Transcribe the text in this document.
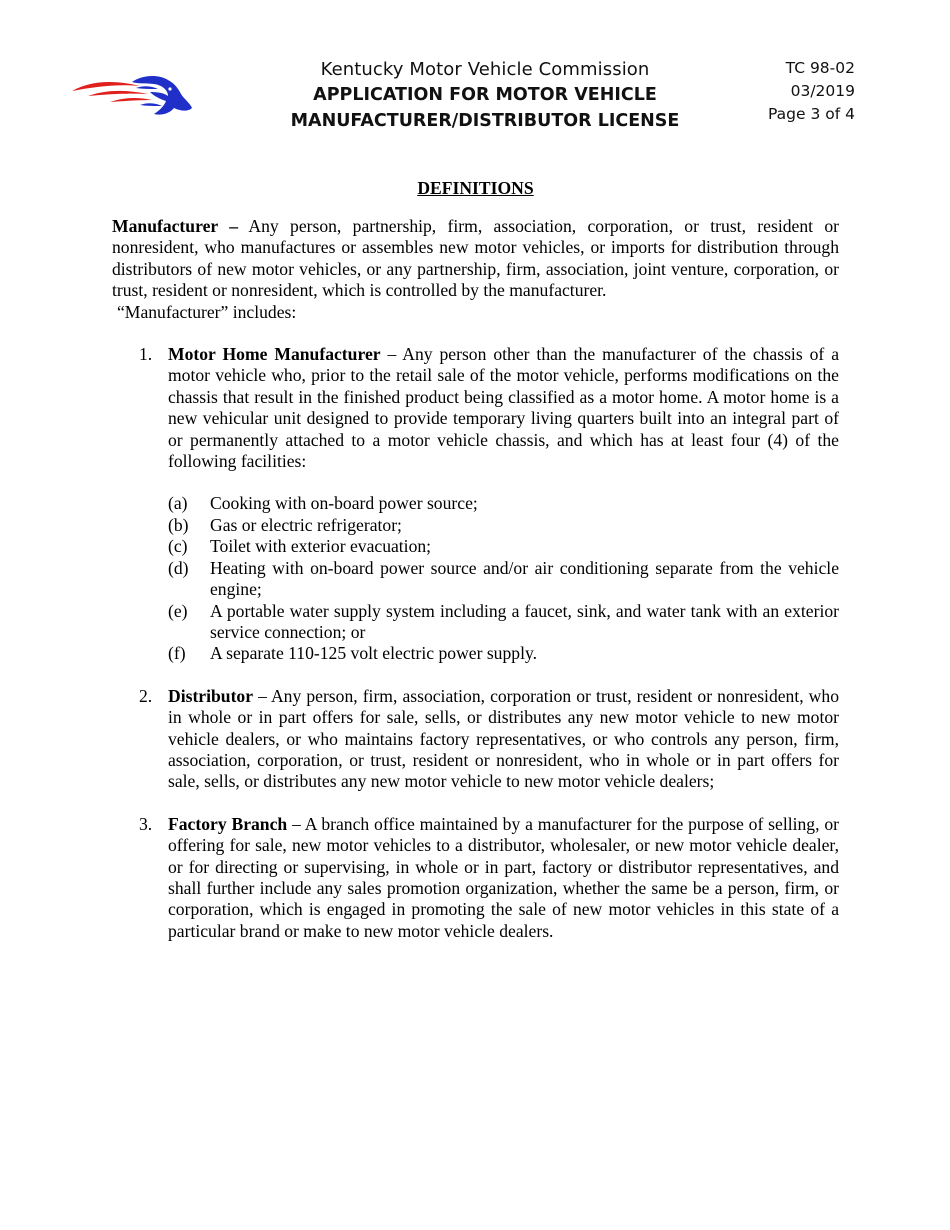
Kentucky Motor Vehicle Commission
APPLICATION FOR MOTOR VEHICLE
MANUFACTURER/DISTRIBUTOR LICENSE
TC 98-02
03/2019
Page 3 of 4
DEFINITIONS

Manufacturer – Any person, partnership, firm, association, corporation, or trust, resident or nonresident, who manufactures or assembles new motor vehicles, or imports for distribution through distributors of new motor vehicles, or any partnership, firm, association, joint venture, corporation, or trust, resident or nonresident, which is controlled by the manufacturer.

“Manufacturer” includes:

1. Motor Home Manufacturer – Any person other than the manufacturer of the chassis of a motor vehicle who, prior to the retail sale of the motor vehicle, performs modifications on the chassis that result in the finished product being classified as a motor home. A motor home is a new vehicular unit designed to provide temporary living quarters built into an integral part of or permanently attached to a motor vehicle chassis, and which has at least four (4) of the following facilities:

(a) Cooking with on-board power source;
(b) Gas or electric refrigerator;
(c) Toilet with exterior evacuation;
(d) Heating with on-board power source and/or air conditioning separate from the vehicle engine;
(e) A portable water supply system including a faucet, sink, and water tank with an exterior service connection; or
(f) A separate 110-125 volt electric power supply.
2. Distributor – Any person, firm, association, corporation or trust, resident or nonresident, who in whole or in part offers for sale, sells, or distributes any new motor vehicle to new motor vehicle dealers, or who maintains factory representatives, or who controls any person, firm, association, corporation, or trust, resident or nonresident, who in whole or in part offers for sale, sells, or distributes any new motor vehicle to new motor vehicle dealers;

3. Factory Branch – A branch office maintained by a manufacturer for the purpose of selling, or offering for sale, new motor vehicles to a distributor, wholesaler, or new motor vehicle dealer, or for directing or supervising, in whole or in part, factory or distributor representatives, and shall further include any sales promotion organization, whether the same be a person, firm, or corporation, which is engaged in promoting the sale of new motor vehicles in this state of a particular brand or make to new motor vehicle dealers.
